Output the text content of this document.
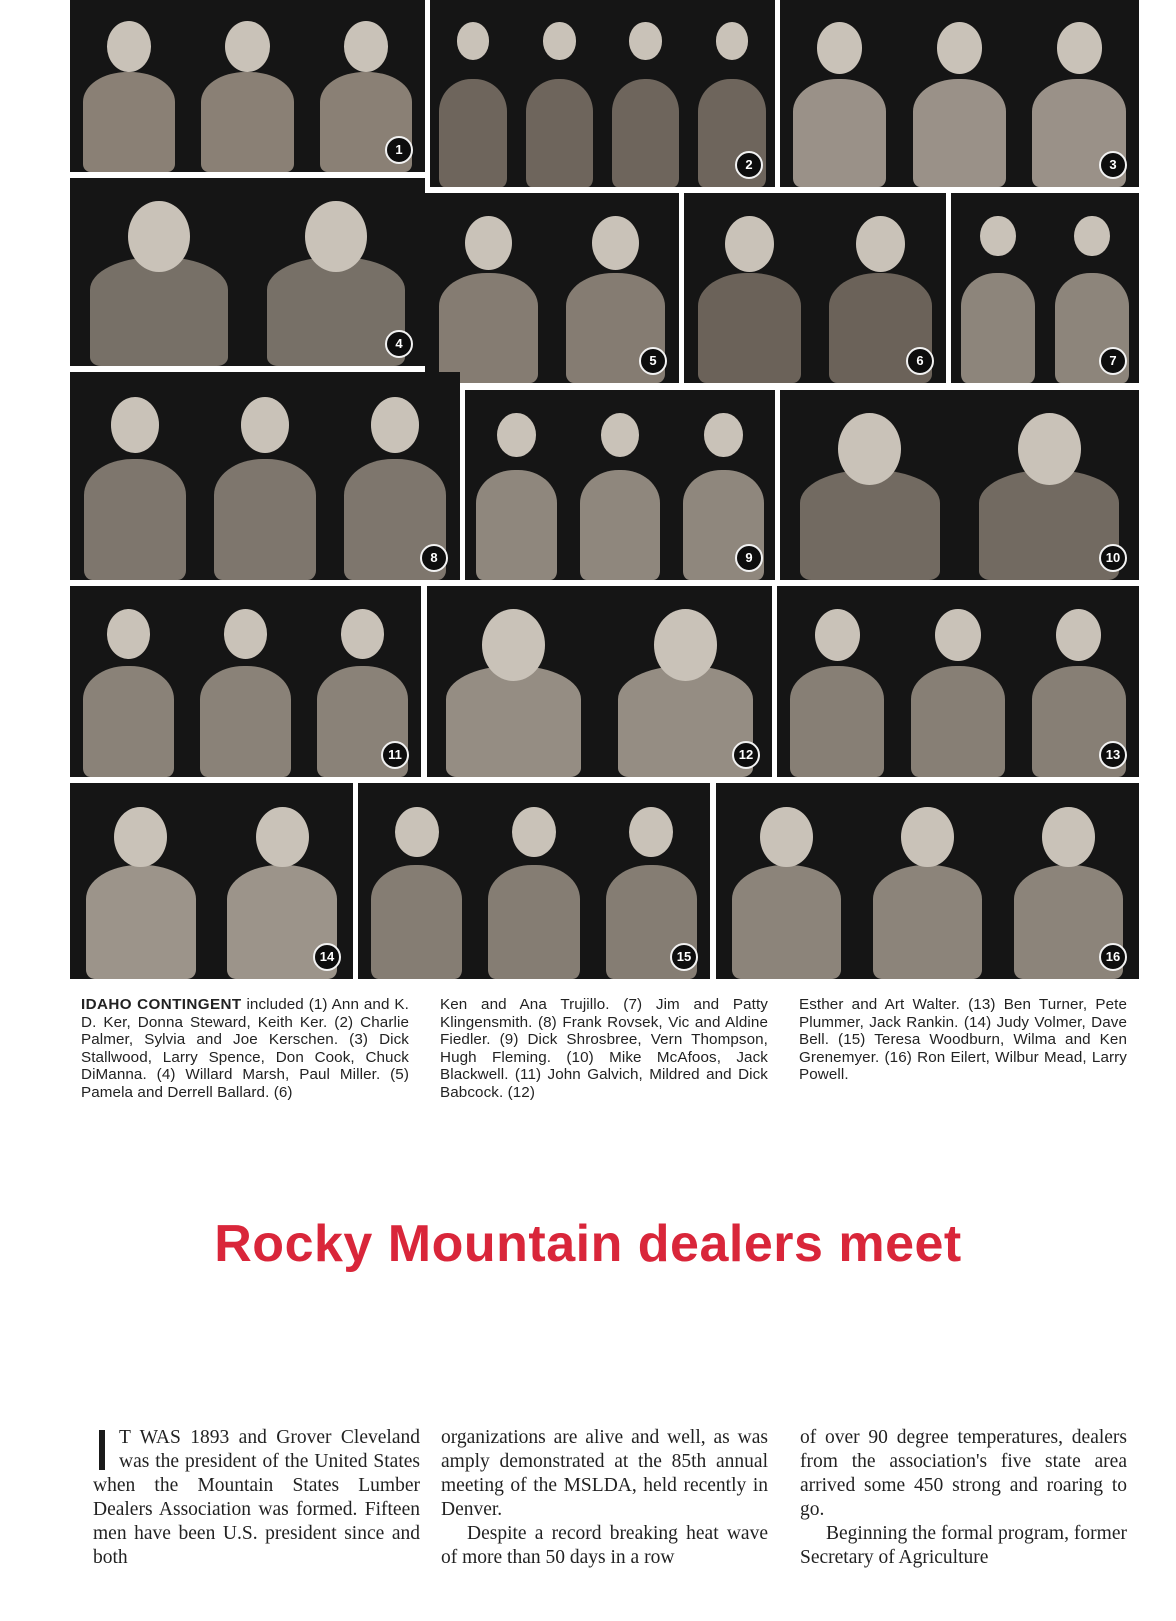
1
2	3
4
5	6	7
8	9	10
11	12	13
14	15	16
IDAHO CONTINGENT included (1) Ann and K. D. Ker, Donna Steward, Keith Ker. (2) Charlie Palmer, Sylvia and Joe Kerschen. (3) Dick Stallwood, Larry Spence, Don Cook, Chuck DiManna. (4) Willard Marsh, Paul Miller. (5) Pamela and Derrell Ballard. (6)
Ken and Ana Trujillo. (7) Jim and Patty Klingensmith. (8) Frank Rovsek, Vic and Aldine Fiedler. (9) Dick Shrosbree, Vern Thompson, Hugh Fleming. (10) Mike McAfoos, Jack Blackwell. (11) John Galvich, Mildred and Dick Babcock. (12)
Esther and Art Walter. (13) Ben Turner, Pete Plummer, Jack Rankin. (14) Judy Volmer, Dave Bell. (15) Teresa Woodburn, Wilma and Ken Grenemyer. (16) Ron Eilert, Wilbur Mead, Larry Powell.
Rocky Mountain dealers meet

T WAS 1893 and Grover Cleveland was the president of the United States when the Mountain States Lumber Dealers Association was formed. Fifteen men have been U.S. president since and both

organizations are alive and well, as was amply demonstrated at the 85th annual meeting of the MSLDA, held recently in Denver.

Despite a record breaking heat wave of more than 50 days in a row

of over 90 degree temperatures, dealers from the association's five state area arrived some 450 strong and roaring to go.

Beginning the formal program, former Secretary of Agriculture
